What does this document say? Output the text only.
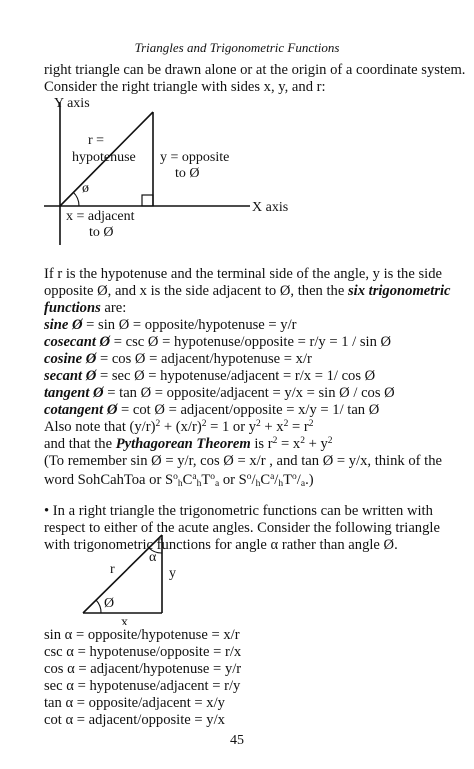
Triangles and Trigonometric Functions
right triangle can be drawn alone or at the origin of a coordinate system.
Consider the right triangle with sides x, y, and r:
Y axis
X axis
r =
hypotenuse y = opposite
to Ø
ø
x = adjacent
to Ø
If r is the hypotenuse and the terminal side of the angle, y is the side
opposite Ø, and x is the side adjacent to Ø, then the six trigonometric
functions are:
sine Ø = sin Ø = opposite/hypotenuse = y/r
cosecant Ø = csc Ø = hypotenuse/opposite = r/y = 1 / sin Ø
cosine Ø = cos Ø = adjacent/hypotenuse = x/r
secant Ø = sec Ø = hypotenuse/adjacent = r/x = 1/ cos Ø
tangent Ø = tan Ø = opposite/adjacent = y/x = sin Ø / cos Ø
cotangent Ø = cot Ø = adjacent/opposite = x/y = 1/ tan Ø
Also note that $(y/r)^2 + (x/r)^2 = 1$ or $y^2 + x^2 = r^2$
and that the Pythagorean Theorem is $r^2 = x^2 + y^2$
(To remember sin Ø = y/r, cos Ø = x/r , and tan Ø = y/x, think of the
word SohCahToa or $S^o_hC^a_hT^o_a$ or $S^o/_hC^a/_hT^o/_a$.)
• In a right triangle the trigonometric functions can be written with
respect to either of the acute angles. Consider the following triangle
with trigonometric functions for angle α rather than angle Ø.
α
r	y
Ø
x
sin α = opposite/hypotenuse = x/r
csc α = hypotenuse/opposite = r/x
cos α = adjacent/hypotenuse = y/r
sec α = hypotenuse/adjacent = r/y
tan α = opposite/adjacent = x/y
cot α = adjacent/opposite = y/x
45
